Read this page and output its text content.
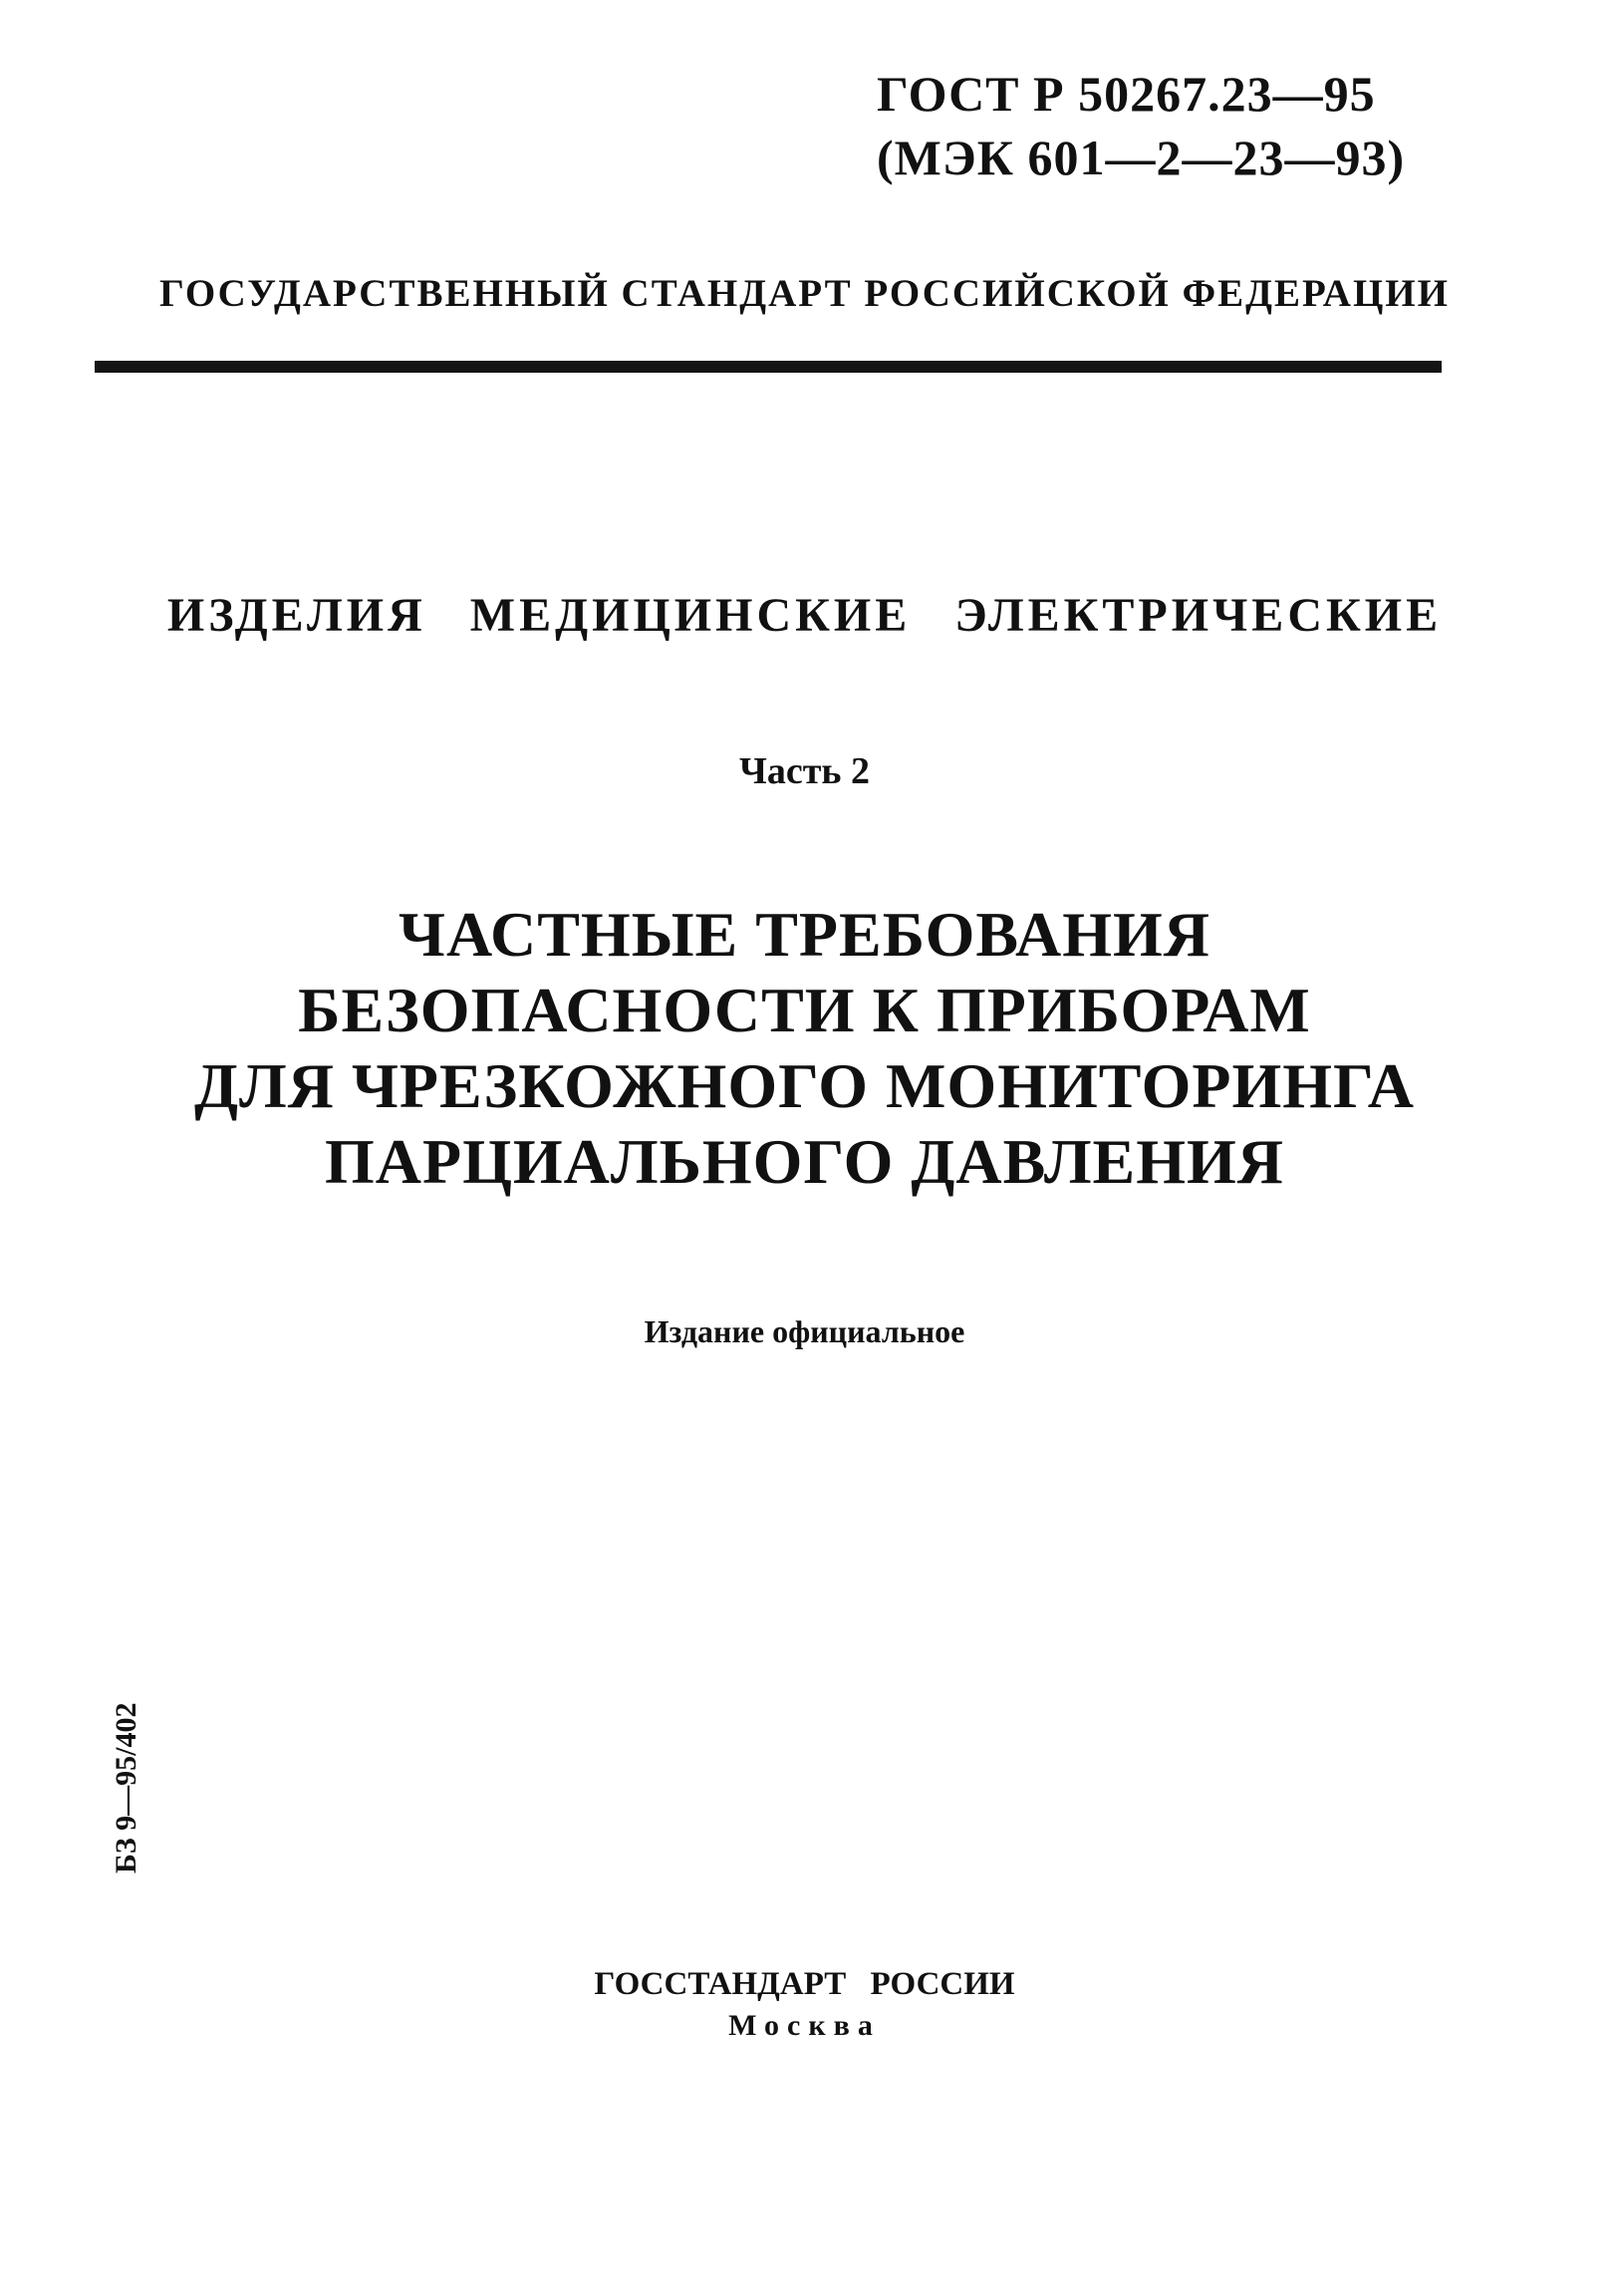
ГОСТ Р 50267.23—95
(МЭК 601—2—23—93)
ГОСУДАРСТВЕННЫЙ СТАНДАРТ РОССИЙСКОЙ ФЕДЕРАЦИИ
ИЗДЕЛИЯ МЕДИЦИНСКИЕ ЭЛЕКТРИЧЕСКИЕ
Часть 2
ЧАСТНЫЕ ТРЕБОВАНИЯ
БЕЗОПАСНОСТИ К ПРИБОРАМ
ДЛЯ ЧРЕЗКОЖНОГО МОНИТОРИНГА
ПАРЦИАЛЬНОГО ДАВЛЕНИЯ
Издание официальное
БЗ 9—95/402
ГОССТАНДАРТ РОССИИ
Москва
